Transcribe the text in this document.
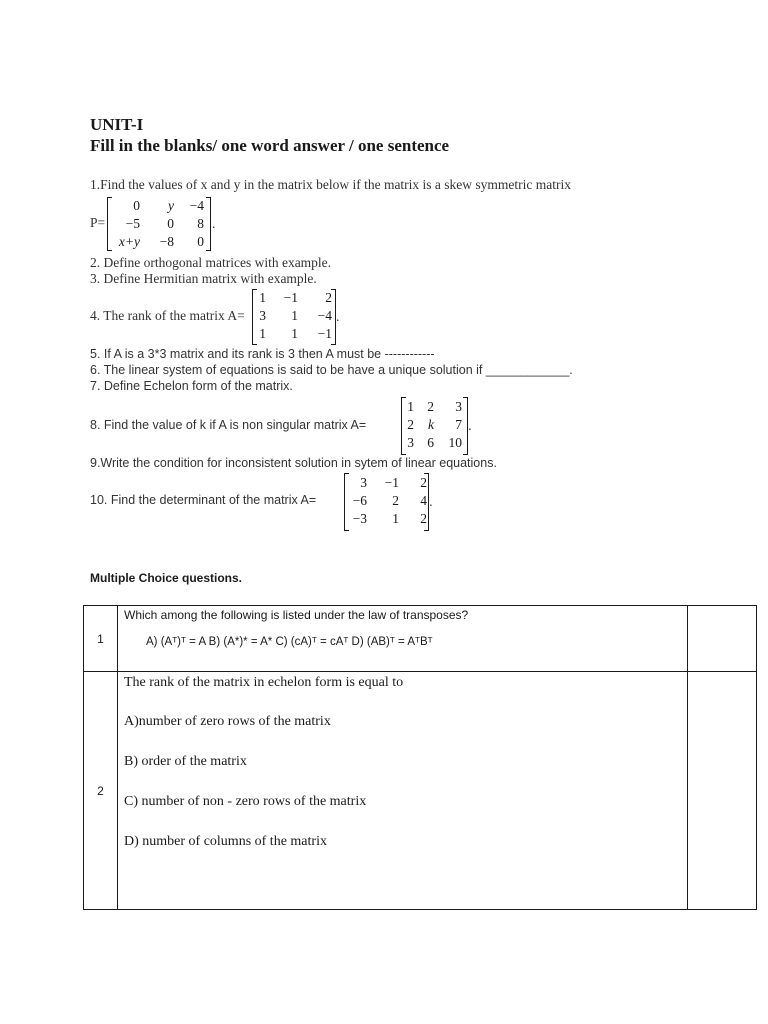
UNIT-I
Fill in the blanks/ one word answer / one sentence
1.Find the values of x and y in the matrix below if the matrix is a skew symmetric matrix
P=
0	y	−4
−5	0	8
x+y	−8	0
.
2. Define orthogonal matrices with example.
3. Define Hermitian matrix with example.
4. The rank of the matrix A=
1	−1	2
3	1	−4
1	1	−1
.
5. If A is a 3*3 matrix and its rank is 3 then A must be ------------
6. The linear system of equations is said to be have a unique solution if ____________.
7. Define Echelon form of the matrix.
8. Find the value of k if A is non singular matrix A=
1 2	3
2	k	7
3 6	10
.
9.Write the condition for inconsistent solution in sytem of linear equations.
10. Find the determinant of the matrix A=
3	−1	2
−6	2	4
−3	1	2
.
Multiple Choice questions.
1	Which among the following is listed under the law of transposes?
A) (Aᵀ)ᵀ = A B) (A*)* = A* C) (cA)ᵀ = cAᵀ D) (AB)ᵀ = AᵀBᵀ	

2	The rank of the matrix in echelon form is equal to
A)number of zero rows of the matrix
B) order of the matrix
C) number of non - zero rows of the matrix
D) number of columns of the matrix	
